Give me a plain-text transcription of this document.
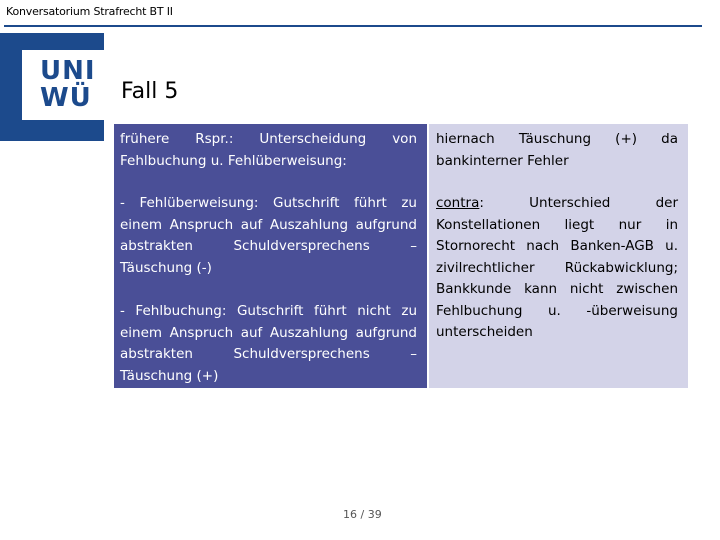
Konversatorium Strafrecht BT II
UNI
WÜ Fall 5
frühere Rspr.: Unterscheidung von Fehlbuchung u. Fehlüberweisung:
- Fehlüberweisung: Gutschrift führt zu einem Anspruch auf Auszahlung aufgrund abstrakten Schuldversprechens – Täuschung (-)
- Fehlbuchung: Gutschrift führt nicht zu einem Anspruch auf Auszahlung aufgrund abstrakten Schuldversprechens – Täuschung (+)
hiernach Täuschung (+) da bankinterner Fehler
contra: Unterschied der Konstellationen liegt nur in Stornorecht nach Banken-AGB u. zivilrechtlicher Rückabwicklung; Bankkunde kann nicht zwischen Fehlbuchung u. -überweisung unterscheiden
16 / 39
